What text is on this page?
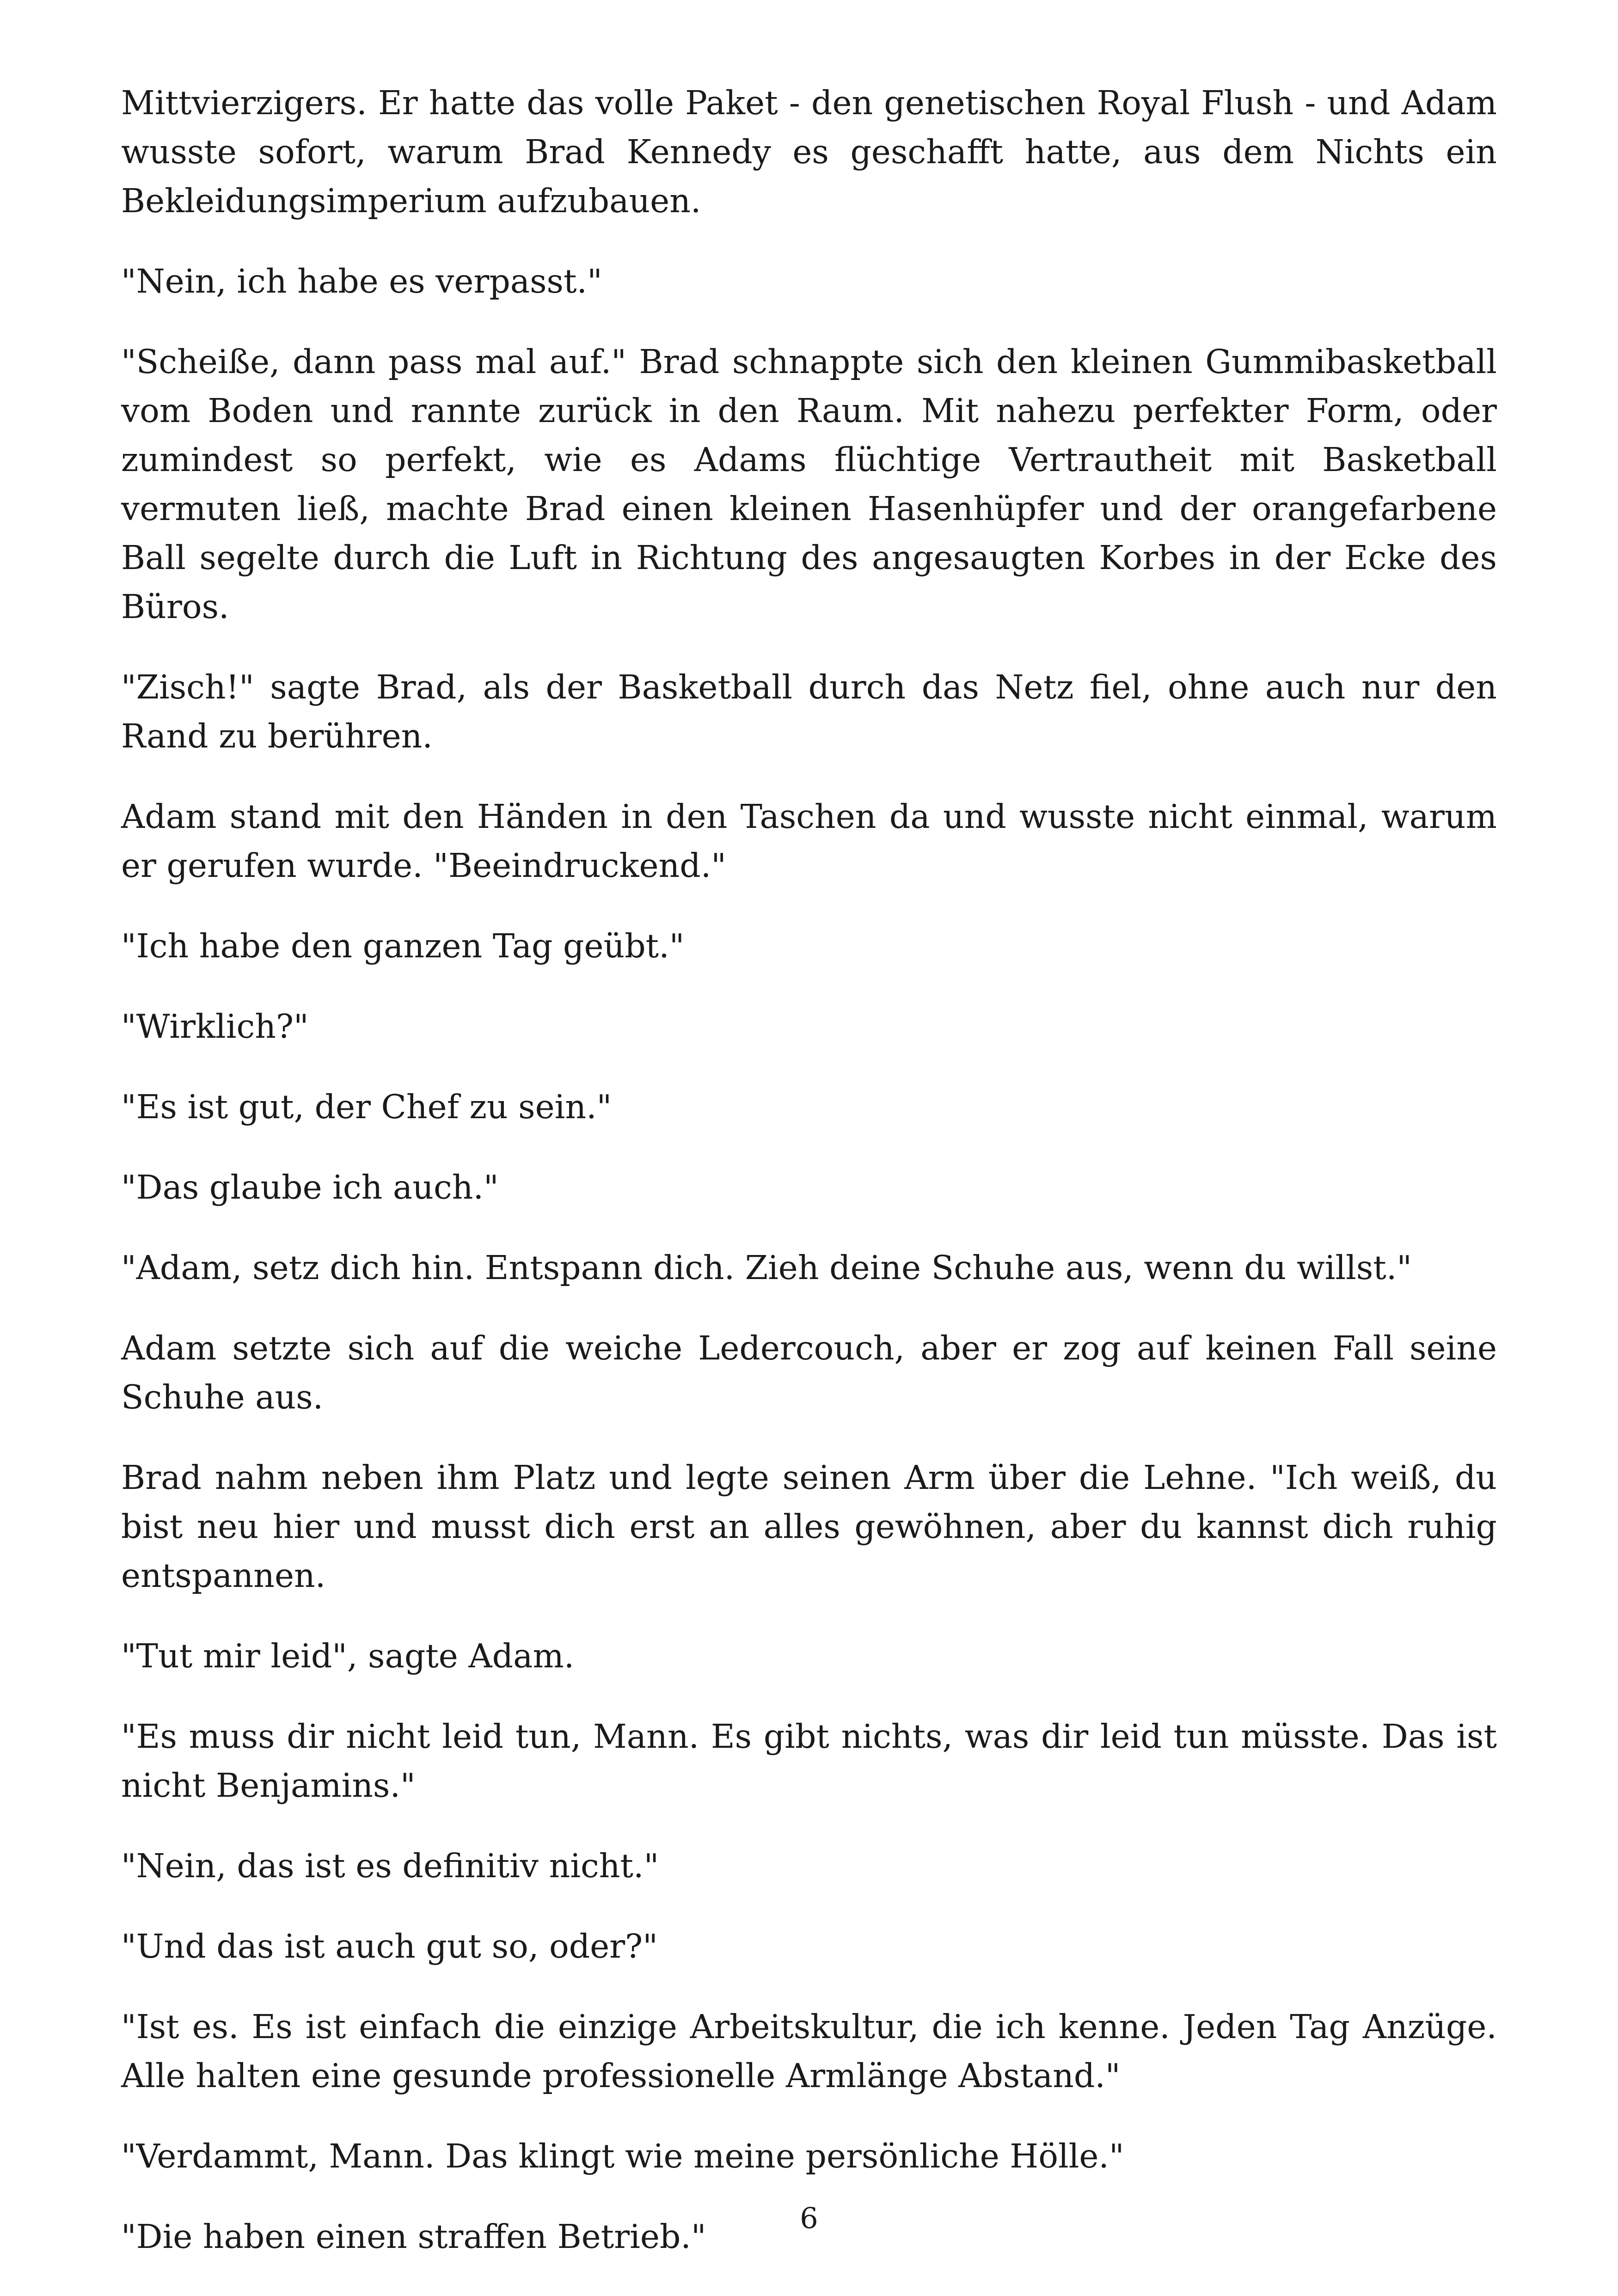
Mittvierzigers. Er hatte das volle Paket - den genetischen Royal Flush - und Adam wusste sofort, warum Brad Kennedy es geschafft hatte, aus dem Nichts ein Bekleidungsimperium aufzubauen.

"Nein, ich habe es verpasst."

"Scheiße, dann pass mal auf." Brad schnappte sich den kleinen Gummibasketball vom Boden und rannte zurück in den Raum. Mit nahezu perfekter Form, oder zumindest so perfekt, wie es Adams flüchtige Vertrautheit mit Basketball vermuten ließ, machte Brad einen kleinen Hasenhüpfer und der orangefarbene Ball segelte durch die Luft in Richtung des angesaugten Korbes in der Ecke des Büros.

"Zisch!" sagte Brad, als der Basketball durch das Netz fiel, ohne auch nur den Rand zu berühren.

Adam stand mit den Händen in den Taschen da und wusste nicht einmal, warum er gerufen wurde. "Beeindruckend."

"Ich habe den ganzen Tag geübt."

"Wirklich?"

"Es ist gut, der Chef zu sein."

"Das glaube ich auch."

"Adam, setz dich hin. Entspann dich. Zieh deine Schuhe aus, wenn du willst."

Adam setzte sich auf die weiche Ledercouch, aber er zog auf keinen Fall seine Schuhe aus.

Brad nahm neben ihm Platz und legte seinen Arm über die Lehne. "Ich weiß, du bist neu hier und musst dich erst an alles gewöhnen, aber du kannst dich ruhig entspannen.

"Tut mir leid", sagte Adam.

"Es muss dir nicht leid tun, Mann. Es gibt nichts, was dir leid tun müsste. Das ist nicht Benjamins."

"Nein, das ist es definitiv nicht."

"Und das ist auch gut so, oder?"

"Ist es. Es ist einfach die einzige Arbeitskultur, die ich kenne. Jeden Tag Anzüge. Alle halten eine gesunde professionelle Armlänge Abstand."

"Verdammt, Mann. Das klingt wie meine persönliche Hölle."

"Die haben einen straffen Betrieb."	6
